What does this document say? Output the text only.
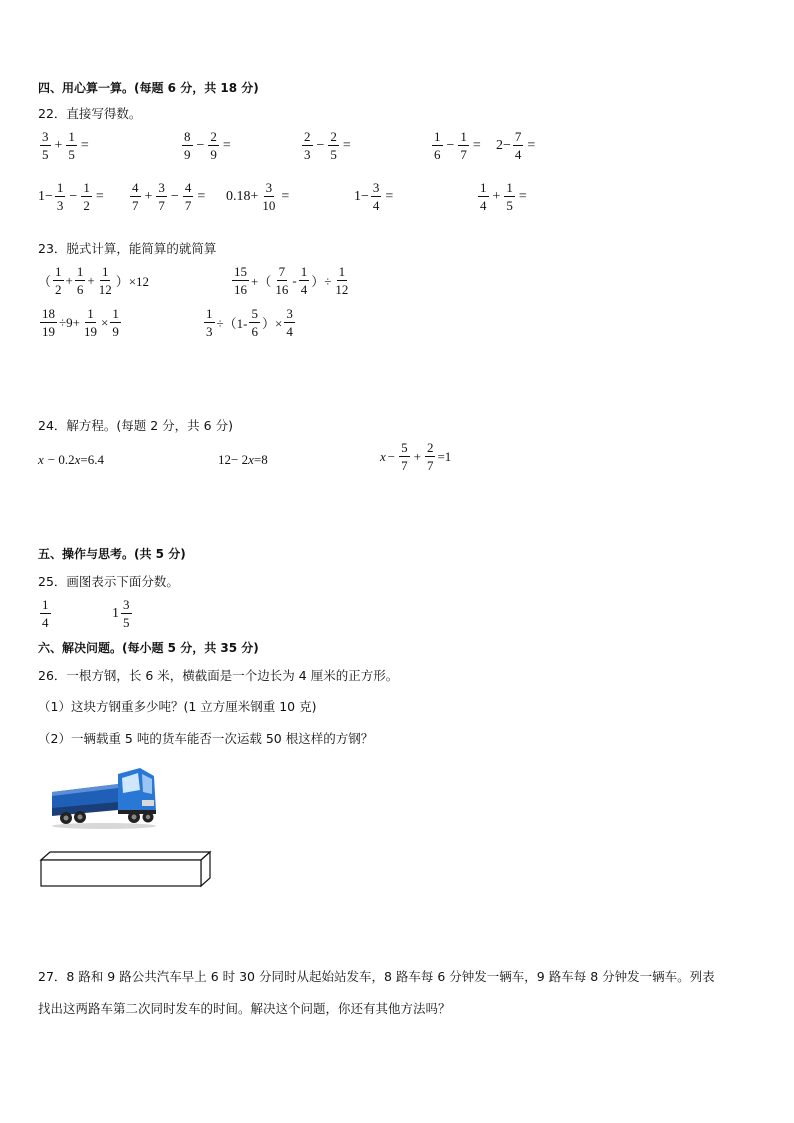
四、用心算一算。(每题 6 分，共 18 分)
22．直接写得数。
$\frac{3}{5} + \frac{1}{5}$ =	$\frac{8}{9} - \frac{2}{9}$ =	$\frac{2}{3} - \frac{2}{5}$ =	$\frac{1}{6} - \frac{1}{7} = 2- \frac{7}{4}$ =
$1- \frac{1}{3} - \frac{1}{2} = \frac{4}{7} + \frac{3}{7} - \frac{4}{7} = 0.18+ \frac{3}{10}$ =	$1- \frac{3}{4}$ =	$\frac{1}{4} + \frac{1}{5}$ =
23．脱式计算，能简算的就简算
（ $\frac{1}{2} + \frac{1}{6} + \frac{1}{12} )\times 12$	$\frac{15}{16}$ +（ $\frac{7}{16} - \frac{1}{4}$ ）÷ $\frac{1}{12}$
$\frac{18}{19} \div 9+ \frac{1}{19} \times \frac{1}{9}$	$\frac{1}{3} \div(1- \frac{5}{6}$ ）× $\frac{3}{4}$
24．解方程。(每题 2 分，共 6 分)
x − 0.2 x =6.4	12− 2 x =8	$x - \frac{5}{7} + \frac{2}{7} =1$
五、操作与思考。(共 5 分)
25．画图表示下面分数。
$\frac{1}{4}$	$1 \frac{3}{5}$
六、解决问题。(每小题 5 分，共 35 分)
26．一根方钢，长 6 米，横截面是一个边长为 4 厘米的正方形。
（1）这块方钢重多少吨？(1 立方厘米钢重 10 克)
（2）一辆载重 5 吨的货车能否一次运载 50 根这样的方钢？
27．8 路和 9 路公共汽车早上 6 时 30 分同时从起始站发车，8 路车每 6 分钟发一辆车，9 路车每 8 分钟发一辆车。列表
找出这两路车第二次同时发车的时间。解决这个问题，你还有其他方法吗？
